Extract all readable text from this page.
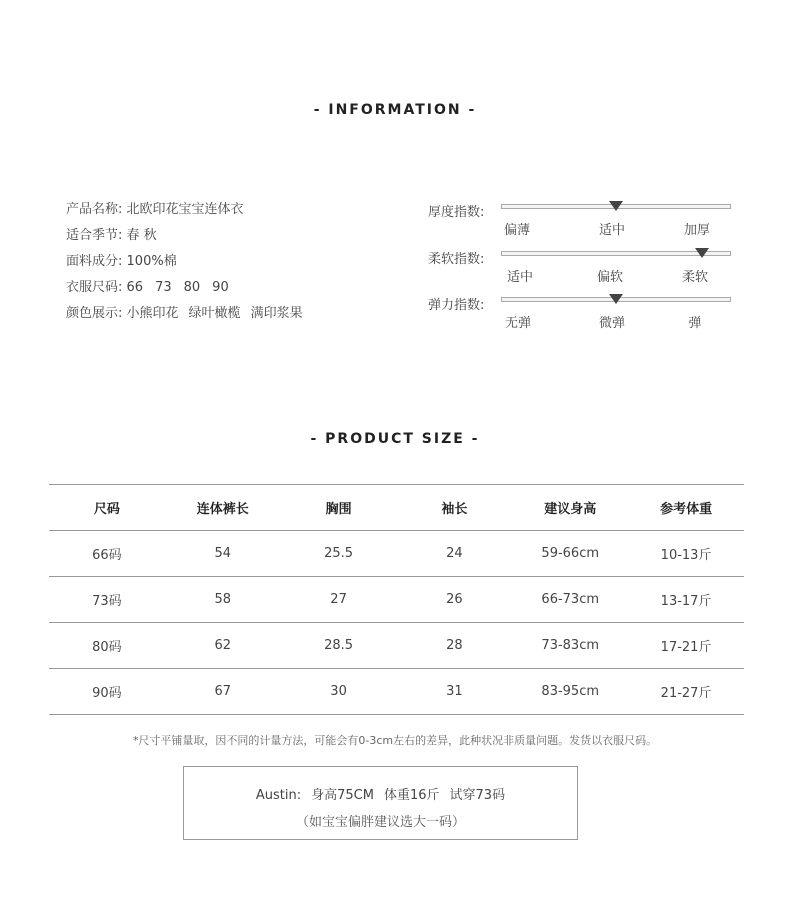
- INFORMATION -
产品名称: 北欧印花宝宝连体衣
适合季节: 春 秋
面料成分: 100%棉
衣服尺码: 66 73 80 90
颜色展示: 小熊印花 绿叶橄榄 满印浆果
厚度指数:
偏薄	适中	加厚
柔软指数:
适中	偏软	柔软
弹力指数:
无弹	微弹	弹
- PRODUCT SIZE -
尺码	连体裤长	胸围	袖长	建议身高	参考体重
66码	54	25.5	24	59-66cm	10-13斤
73码	58	27	26	66-73cm	13-17斤
80码	62	28.5	28	73-83cm	17-21斤
90码	67	30	31	83-95cm	21-27斤
*尺寸平铺量取，因不同的计量方法，可能会有0-3cm左右的差异，此种状况非质量问题。发货以衣服尺码。
Austin: 身高75CM 体重16斤 试穿73码
（如宝宝偏胖建议选大一码）
